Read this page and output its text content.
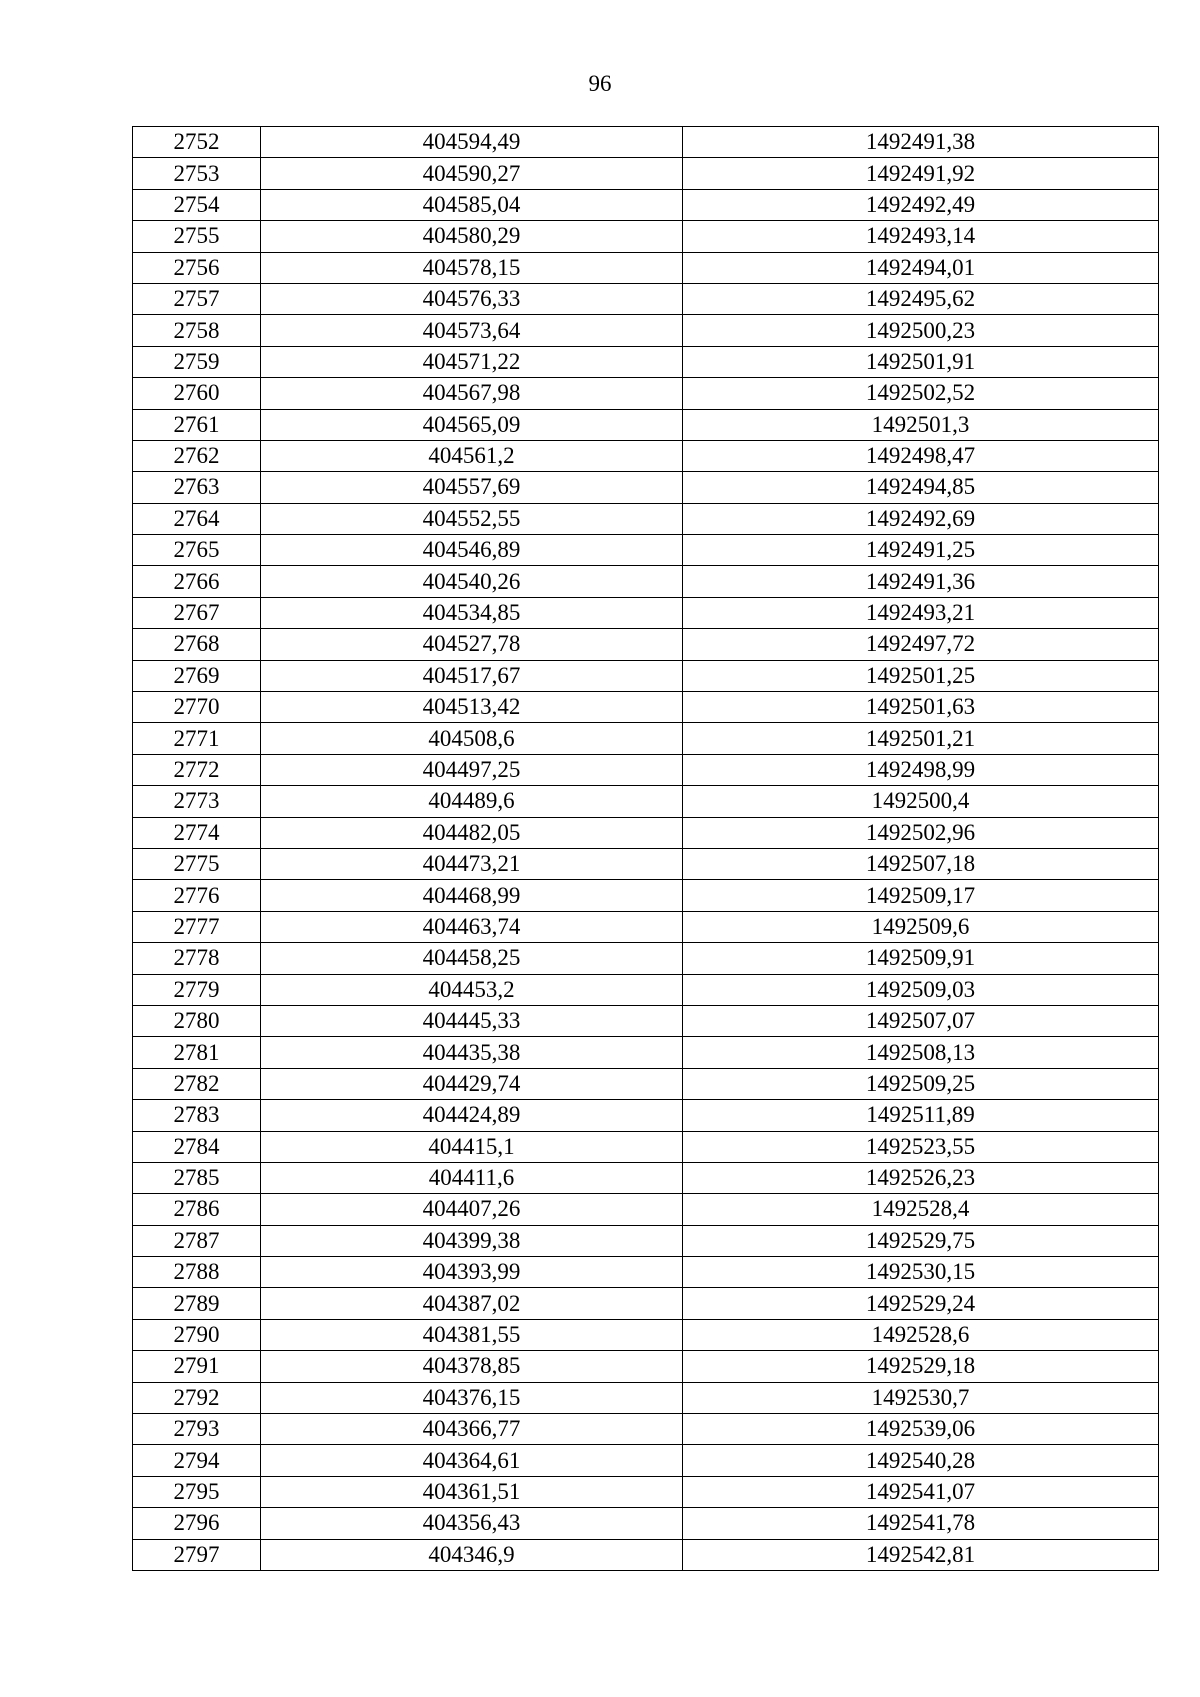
96
2752	404594,49	1492491,38
2753	404590,27	1492491,92
2754	404585,04	1492492,49
2755	404580,29	1492493,14
2756	404578,15	1492494,01
2757	404576,33	1492495,62
2758	404573,64	1492500,23
2759	404571,22	1492501,91
2760	404567,98	1492502,52
2761	404565,09	1492501,3
2762	404561,2	1492498,47
2763	404557,69	1492494,85
2764	404552,55	1492492,69
2765	404546,89	1492491,25
2766	404540,26	1492491,36
2767	404534,85	1492493,21
2768	404527,78	1492497,72
2769	404517,67	1492501,25
2770	404513,42	1492501,63
2771	404508,6	1492501,21
2772	404497,25	1492498,99
2773	404489,6	1492500,4
2774	404482,05	1492502,96
2775	404473,21	1492507,18
2776	404468,99	1492509,17
2777	404463,74	1492509,6
2778	404458,25	1492509,91
2779	404453,2	1492509,03
2780	404445,33	1492507,07
2781	404435,38	1492508,13
2782	404429,74	1492509,25
2783	404424,89	1492511,89
2784	404415,1	1492523,55
2785	404411,6	1492526,23
2786	404407,26	1492528,4
2787	404399,38	1492529,75
2788	404393,99	1492530,15
2789	404387,02	1492529,24
2790	404381,55	1492528,6
2791	404378,85	1492529,18
2792	404376,15	1492530,7
2793	404366,77	1492539,06
2794	404364,61	1492540,28
2795	404361,51	1492541,07
2796	404356,43	1492541,78
2797	404346,9	1492542,81
